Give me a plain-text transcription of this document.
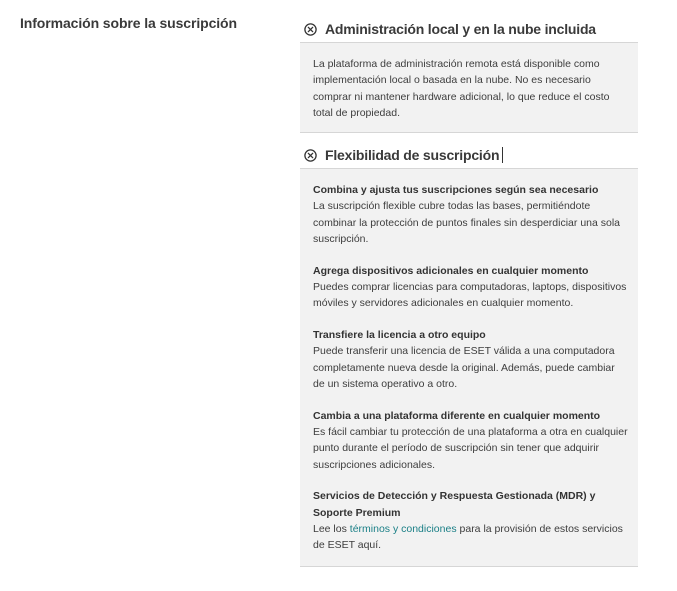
Información sobre la suscripción	Administración local y en la nube incluida
La plataforma de administración remota está disponible como implementación local o basada en la nube. No es necesario comprar ni mantener hardware adicional, lo que reduce el costo total de propiedad.
Flexibilidad de suscripción
Combina y ajusta tus suscripciones según sea necesario
La suscripción flexible cubre todas las bases, permitiéndote combinar la protección de puntos finales sin desperdiciar una sola suscripción.
Agrega dispositivos adicionales en cualquier momento
Puedes comprar licencias para computadoras, laptops, dispositivos móviles y servidores adicionales en cualquier momento.
Transfiere la licencia a otro equipo
Puede transferir una licencia de ESET válida a una computadora completamente nueva desde la original. Además, puede cambiar de un sistema operativo a otro.
Cambia a una plataforma diferente en cualquier momento
Es fácil cambiar tu protección de una plataforma a otra en cualquier punto durante el período de suscripción sin tener que adquirir suscripciones adicionales.
Servicios de Detección y Respuesta Gestionada (MDR) y Soporte Premium
Lee los términos y condiciones para la provisión de estos servicios de ESET aquí.
